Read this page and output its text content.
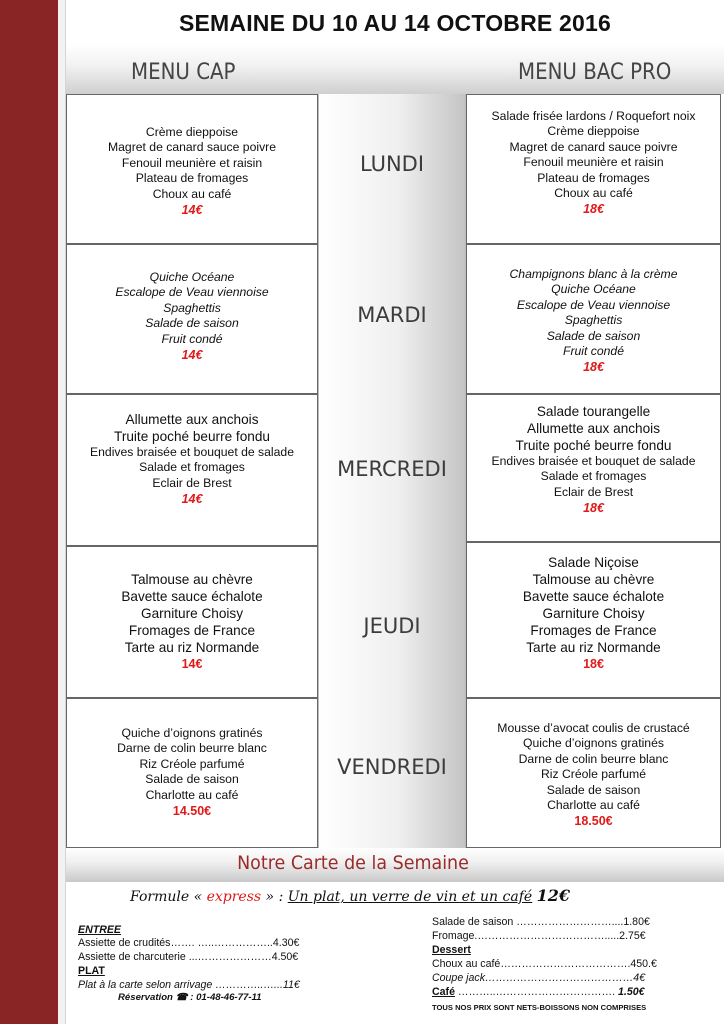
SEMAINE DU 10 AU 14 OCTOBRE 2016
MENU CAP	MENU BAC PRO
LUNDI
Crème dieppoise
Magret de canard sauce poivre
Fenouil meunière et raisin
Plateau de fromages
Choux au café
14€
Salade frisée lardons / Roquefort noix
Crème dieppoise
Magret de canard sauce poivre
Fenouil meunière et raisin
Plateau de fromages
Choux au café
18€
MARDI
Quiche Océane
Escalope de Veau viennoise
Spaghettis
Salade de saison
Fruit condé
14€
Champignons blanc à la crème
Quiche Océane
Escalope de Veau viennoise
Spaghettis
Salade de saison
Fruit condé
18€
MERCREDI
Allumette aux anchois
Truite poché beurre fondu
Endives braisée et bouquet de salade
Salade et fromages
Eclair de Brest
14€
Salade tourangelle
Allumette aux anchois
Truite poché beurre fondu
Endives braisée et bouquet de salade
Salade et fromages
Eclair de Brest
18€
JEUDI
Talmouse au chèvre
Bavette sauce échalote
Garniture Choisy
Fromages de France
Tarte au riz Normande
14€
Salade Niçoise
Talmouse au chèvre
Bavette sauce échalote
Garniture Choisy
Fromages de France
Tarte au riz Normande
18€
VENDREDI
Quiche d’oignons gratinés
Darne de colin beurre blanc
Riz Créole parfumé
Salade de saison
Charlotte au café
14.50€
Mousse d’avocat coulis de crustacé
Quiche d’oignons gratinés
Darne de colin beurre blanc
Riz Créole parfumé
Salade de saison
Charlotte au café
18.50€
Notre Carte de la Semaine
Formule « express » : Un plat, un verre de vin et un café 12€
ENTREE
Assiette de crudités……. …..……………..4.30€
Assiette de charcuterie ...…………………4.50€
PLAT
Plat à la carte selon arrivage …………..…...11€
Réservation ☎ : 01-48-46-77-11
Salade de saison ………………………....1.80€
Fromage.……………………………….....2.75€
Dessert
Choux au café……………………………….450.€
Coupe jack……………………………………4€
Café ………..……………………………. 1.50€
TOUS NOS PRIX SONT NETS-BOISSONS NON COMPRISES
